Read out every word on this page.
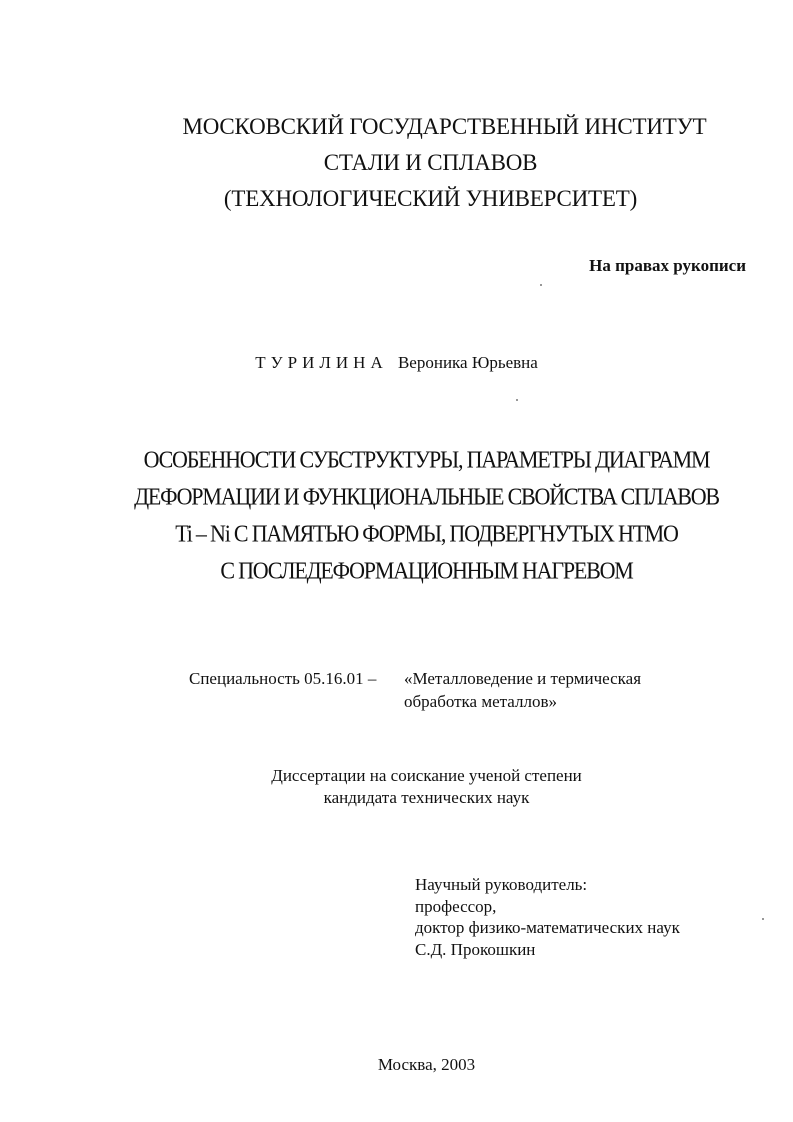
МОСКОВСКИЙ ГОСУДАРСТВЕННЫЙ ИНСТИТУТ
СТАЛИ И СПЛАВОВ
(ТЕХНОЛОГИЧЕСКИЙ УНИВЕРСИТЕТ)
На правах рукописи
ТУРИЛИНА Вероника Юрьевна
ОСОБЕННОСТИ СУБСТРУКТУРЫ, ПАРАМЕТРЫ ДИАГРАММ
ДЕФОРМАЦИИ И ФУНКЦИОНАЛЬНЫЕ СВОЙСТВА СПЛАВОВ
Ti – Ni С ПАМЯТЬЮ ФОРМЫ, ПОДВЕРГНУТЫХ НТМО
С ПОСЛЕДЕФОРМАЦИОННЫМ НАГРЕВОМ
Специальность 05.16.01 – «Металловедение и термическая
обработка металлов»
Диссертации на соискание ученой степени
кандидата технических наук
Научный руководитель:
профессор,
доктор физико-математических наук
С.Д. Прокошкин
Москва, 2003
